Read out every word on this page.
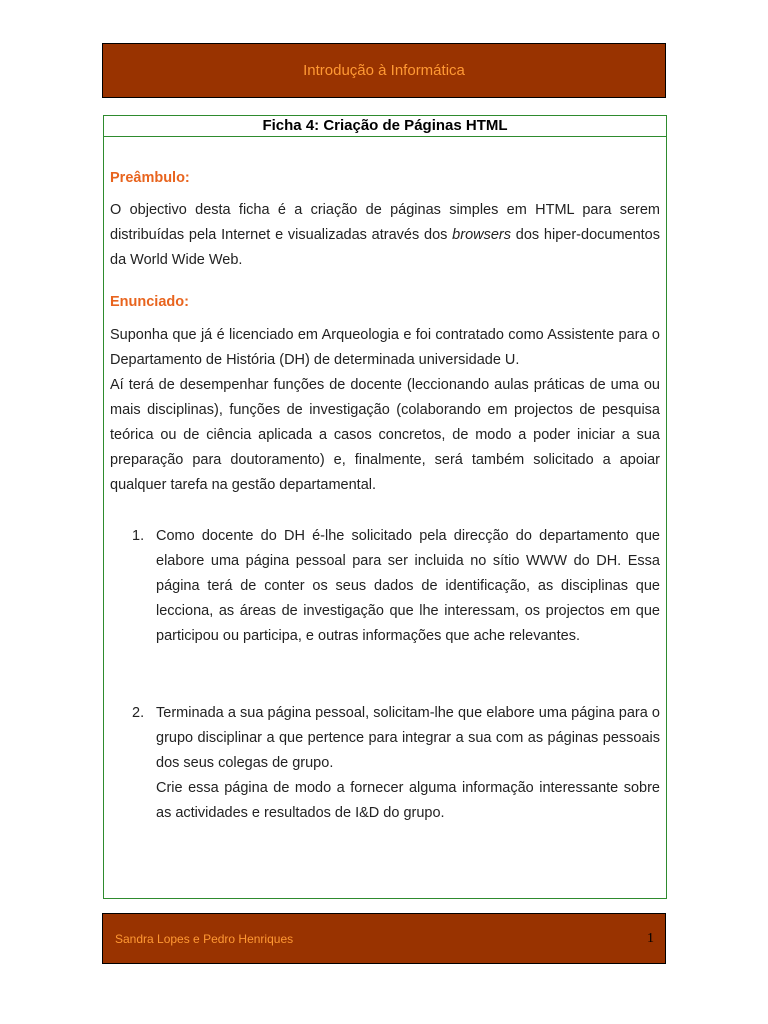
Introdução à Informática
Ficha 4: Criação de Páginas HTML
Preâmbulo:

O objectivo desta ficha é a criação de páginas simples em HTML para serem distribuídas pela Internet e visualizadas através dos browsers dos hiper-documentos da World Wide Web.

Enunciado:

Suponha que já é licenciado em Arqueologia e foi contratado como Assistente para o Departamento de História (DH) de determinada universidade U.

Aí terá de desempenhar funções de docente (leccionando aulas práticas de uma ou mais disciplinas), funções de investigação (colaborando em projectos de pesquisa teórica ou de ciência aplicada a casos concretos, de modo a poder iniciar a sua preparação para doutoramento) e, finalmente, será também solicitado a apoiar qualquer tarefa na gestão departamental.

1. Como docente do DH é-lhe solicitado pela direcção do departamento que elabore uma página pessoal para ser incluida no sítio WWW do DH. Essa página terá de conter os seus dados de identificação, as disciplinas que lecciona, as áreas de investigação que lhe interessam, os projectos em que participou ou participa, e outras informações que ache relevantes.

2. Terminada a sua página pessoal, solicitam-lhe que elabore uma página para o grupo disciplinar a que pertence para integrar a sua com as páginas pessoais dos seus colegas de grupo.

Crie essa página de modo a fornecer alguma informação interessante sobre as actividades e resultados de I&D do grupo.

Sandra Lopes e Pedro Henriques	1
